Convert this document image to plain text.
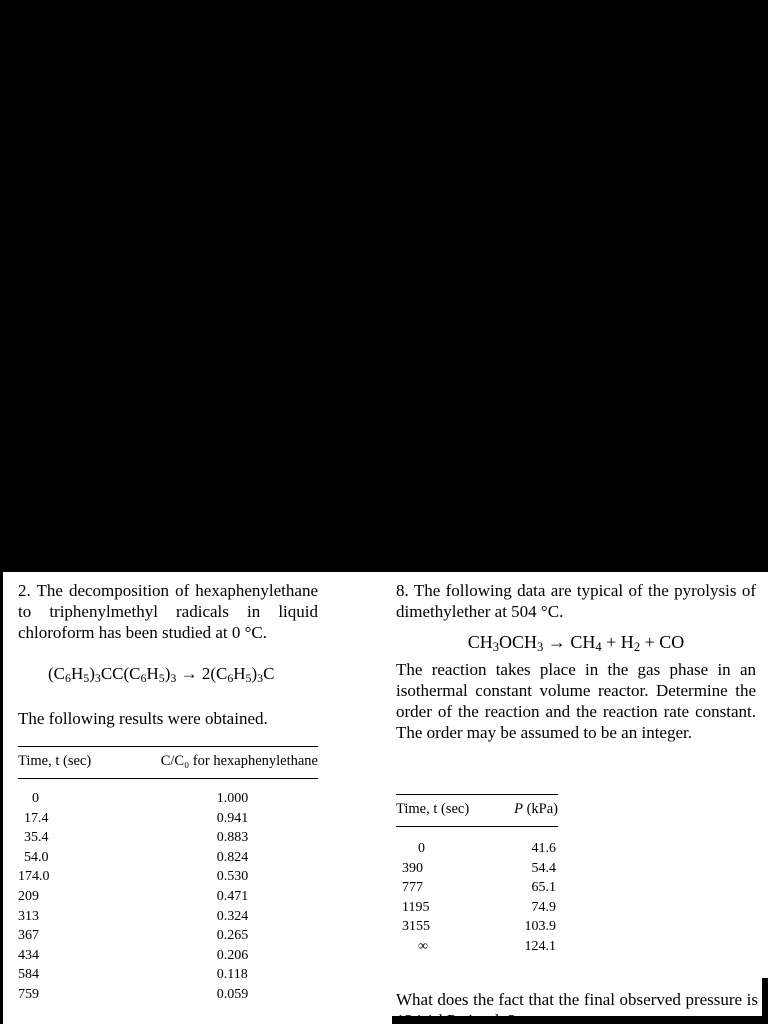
2. The decomposition of hexaphenylethane to triphenylmethyl radicals in liquid chloroform has been studied at 0 °C.

$(C_6H_5)_3CC(C_6H_5)_3 \to 2(C_6H_5)_3C$

The following results were obtained.

Time, t (sec)	C/C₀ for hexaphenylethane

0	1.000
17.4	0.941
35.4	0.883
54.0	0.824
174.0	0.530
209	0.471
313	0.324
367	0.265
434	0.206
584	0.118
759	0.059

8. The following data are typical of the pyrolysis of dimethylether at 504 °C.

$CH_3OCH_3 \to CH_4 + H_2$ + CO

The reaction takes place in the gas phase in an isothermal constant volume reactor. Determine the order of the reaction and the reaction rate constant. The order may be assumed to be an integer.

Time, t (sec)	P (kPa)

0	41.6
390	54.4
777	65.1
1195	74.9
3155	103.9
∞	124.1

What does the fact that the final observed pressure is
